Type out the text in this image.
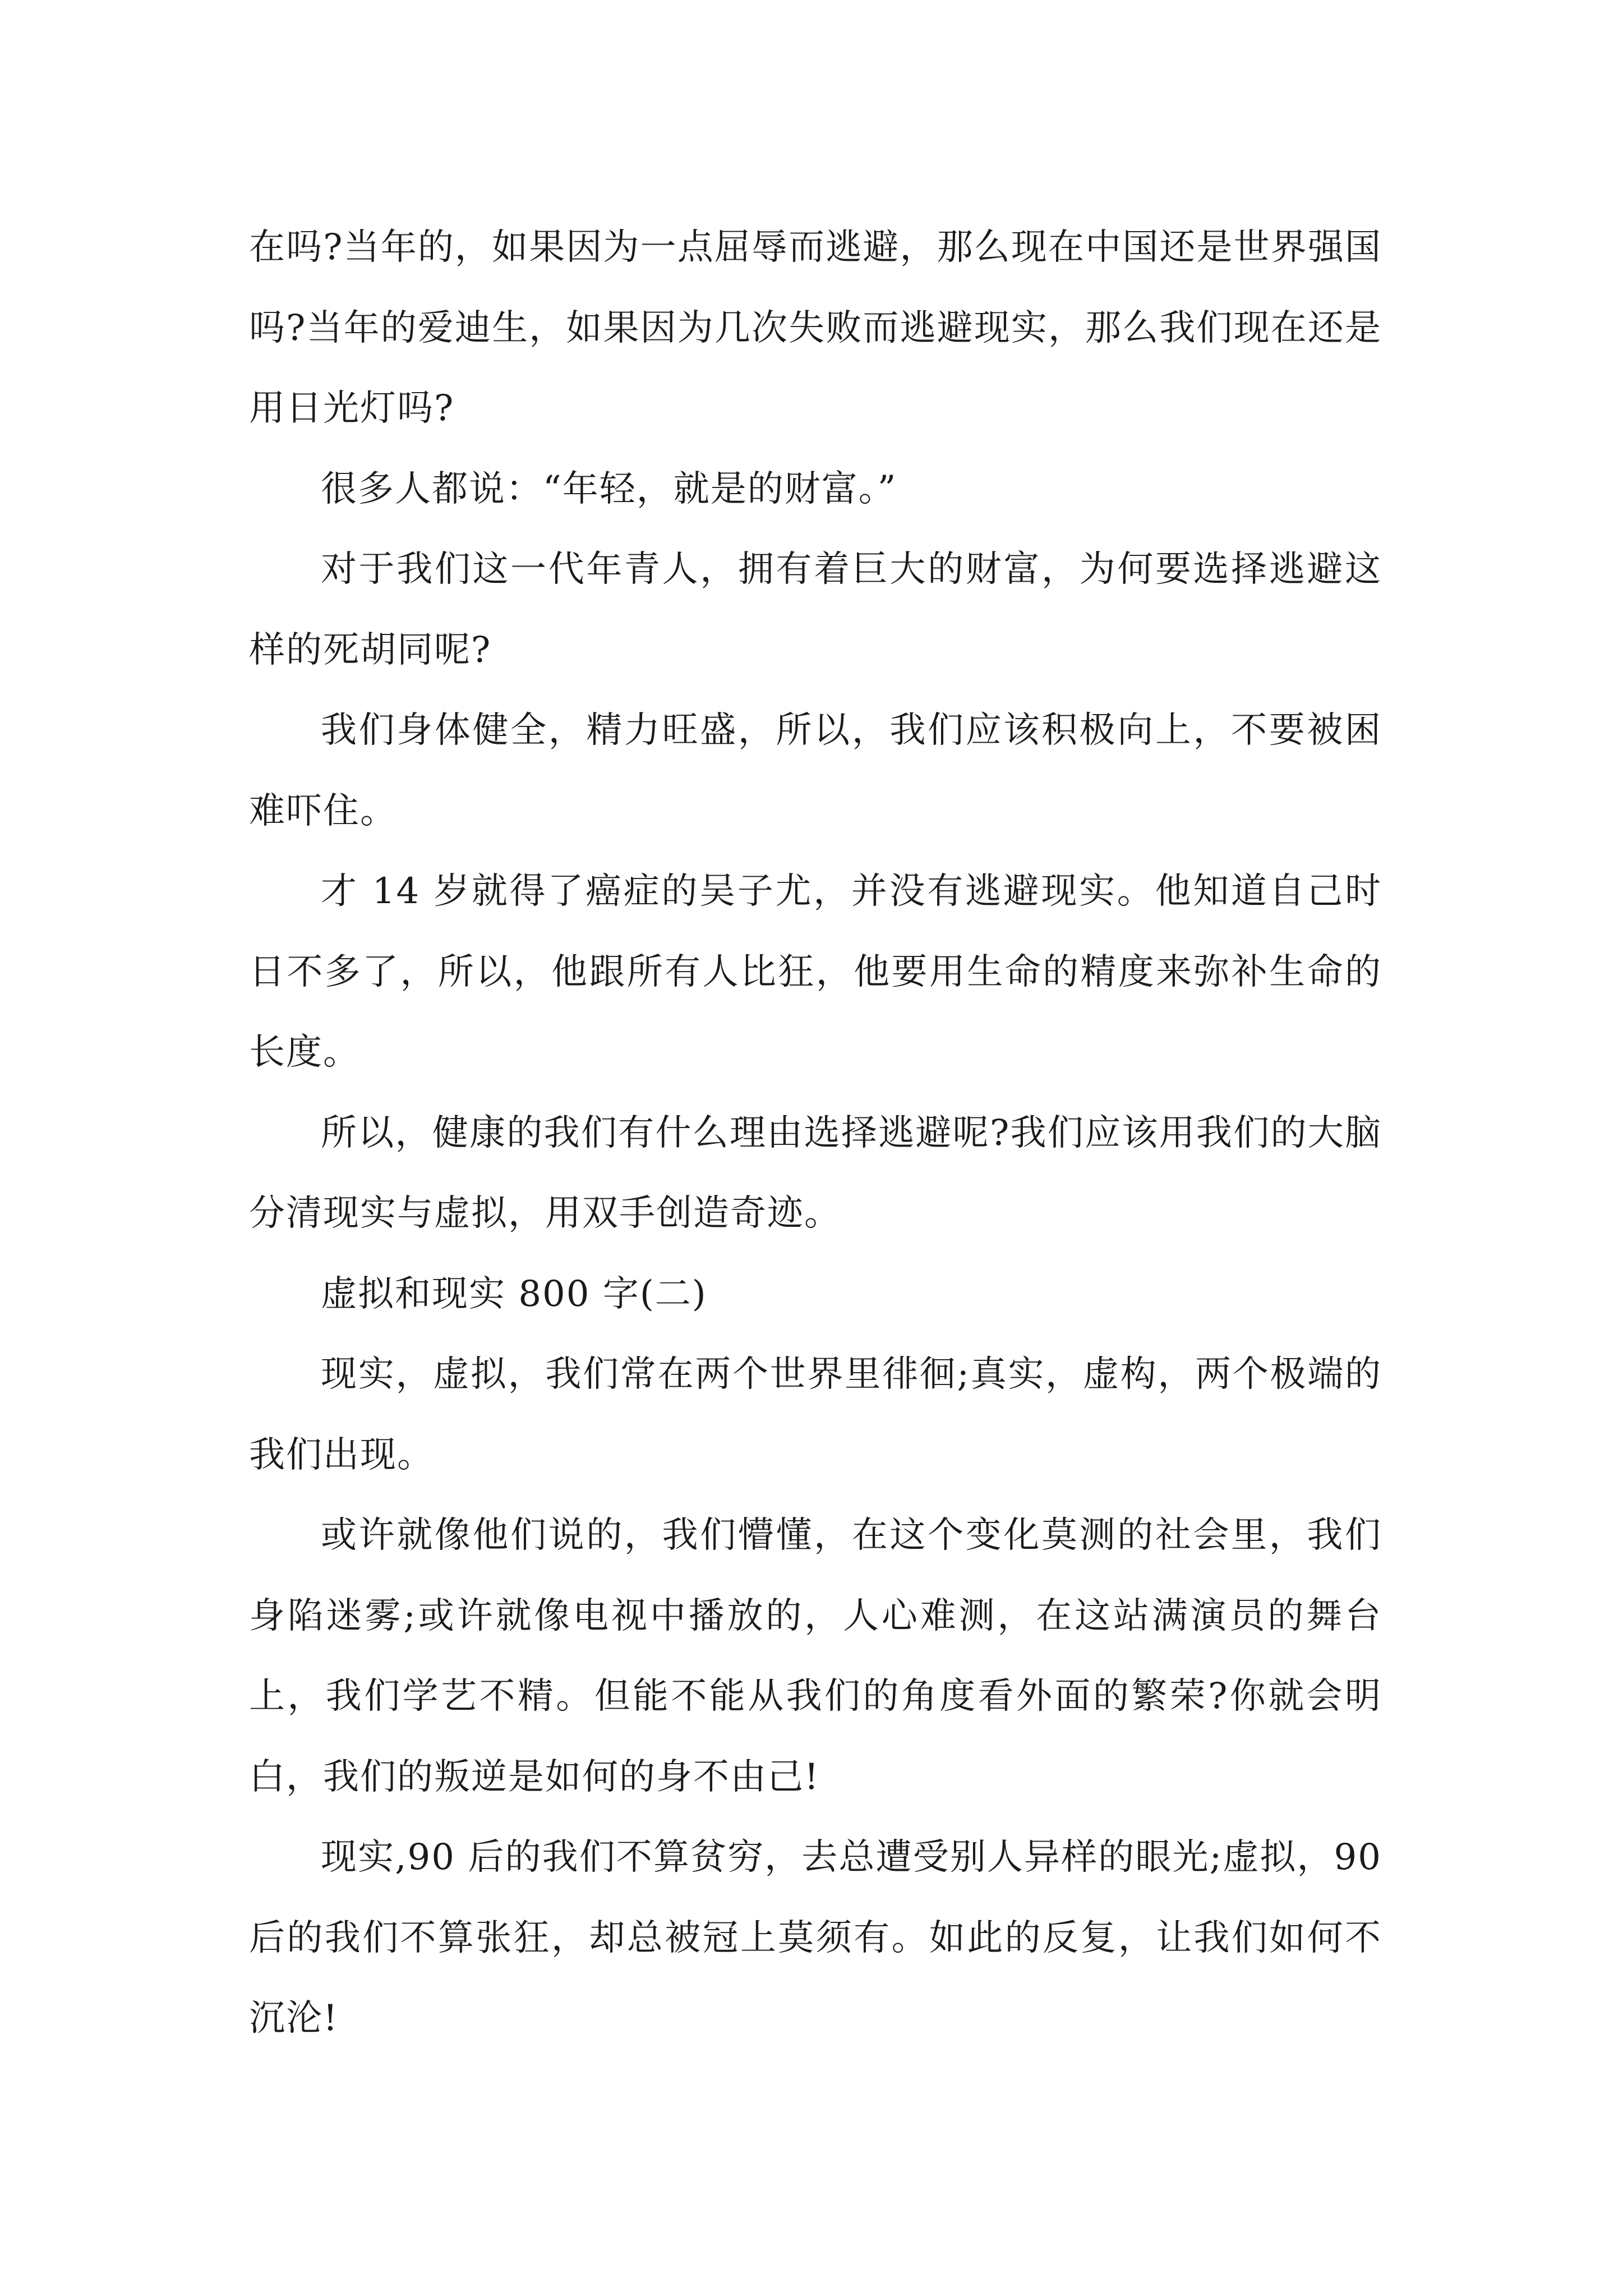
在吗?当年的，如果因为一点屈辱而逃避，那么现在中国还是世界强国吗?当年的爱迪生，如果因为几次失败而逃避现实，那么我们现在还是用日光灯吗?

很多人都说：“年轻，就是的财富。”

对于我们这一代年青人，拥有着巨大的财富，为何要选择逃避这样的死胡同呢?

我们身体健全，精力旺盛，所以，我们应该积极向上，不要被困难吓住。

才 14 岁就得了癌症的吴子尤，并没有逃避现实。他知道自己时日不多了，所以，他跟所有人比狂，他要用生命的精度来弥补生命的长度。

所以，健康的我们有什么理由选择逃避呢?我们应该用我们的大脑分清现实与虚拟，用双手创造奇迹。

虚拟和现实 800 字(二)

现实，虚拟，我们常在两个世界里徘徊;真实，虚构，两个极端的我们出现。

或许就像他们说的，我们懵懂，在这个变化莫测的社会里，我们身陷迷雾;或许就像电视中播放的，人心难测，在这站满演员的舞台上，我们学艺不精。但能不能从我们的角度看外面的繁荣?你就会明白，我们的叛逆是如何的身不由己!

现实,90 后的我们不算贫穷，去总遭受别人异样的眼光;虚拟，90 后的我们不算张狂，却总被冠上莫须有。如此的反复，让我们如何不沉沦!
